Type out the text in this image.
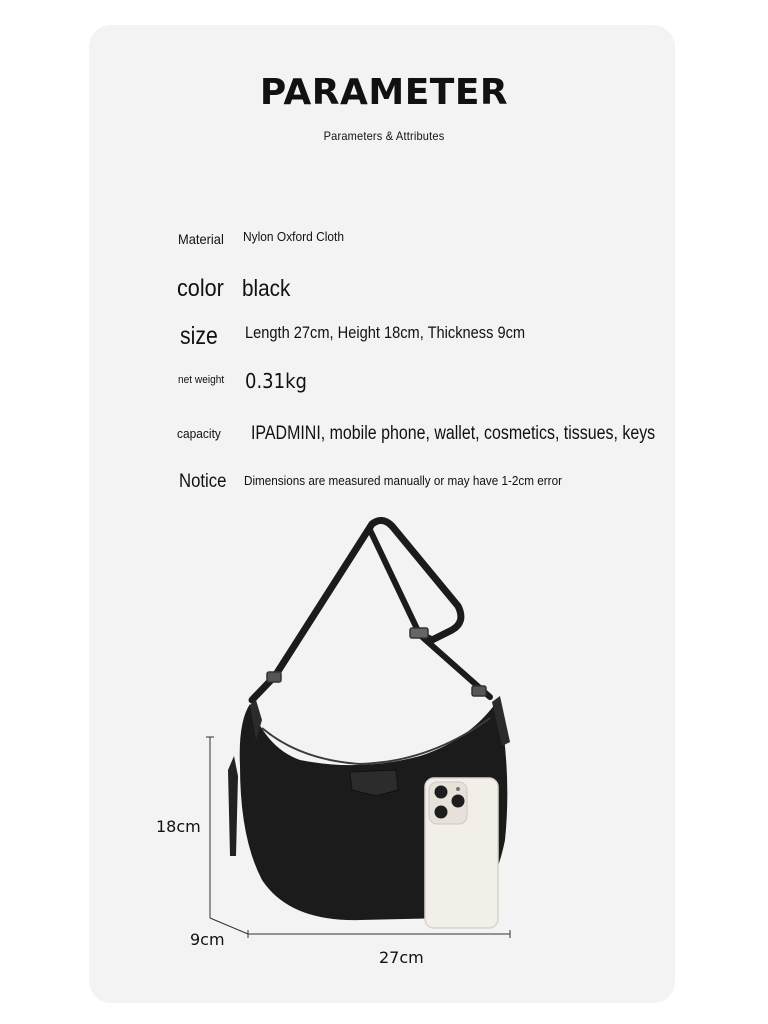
PARAMETER
Parameters & Attributes
Material Nylon Oxford Cloth
color black
size Length 27cm, Height 18cm, Thickness 9cm
net weight 0.31kg
capacity IPADMINI, mobile phone, wallet, cosmetics, tissues, keys
Notice Dimensions are measured manually or may have 1-2cm error
18cm
9cm
27cm
